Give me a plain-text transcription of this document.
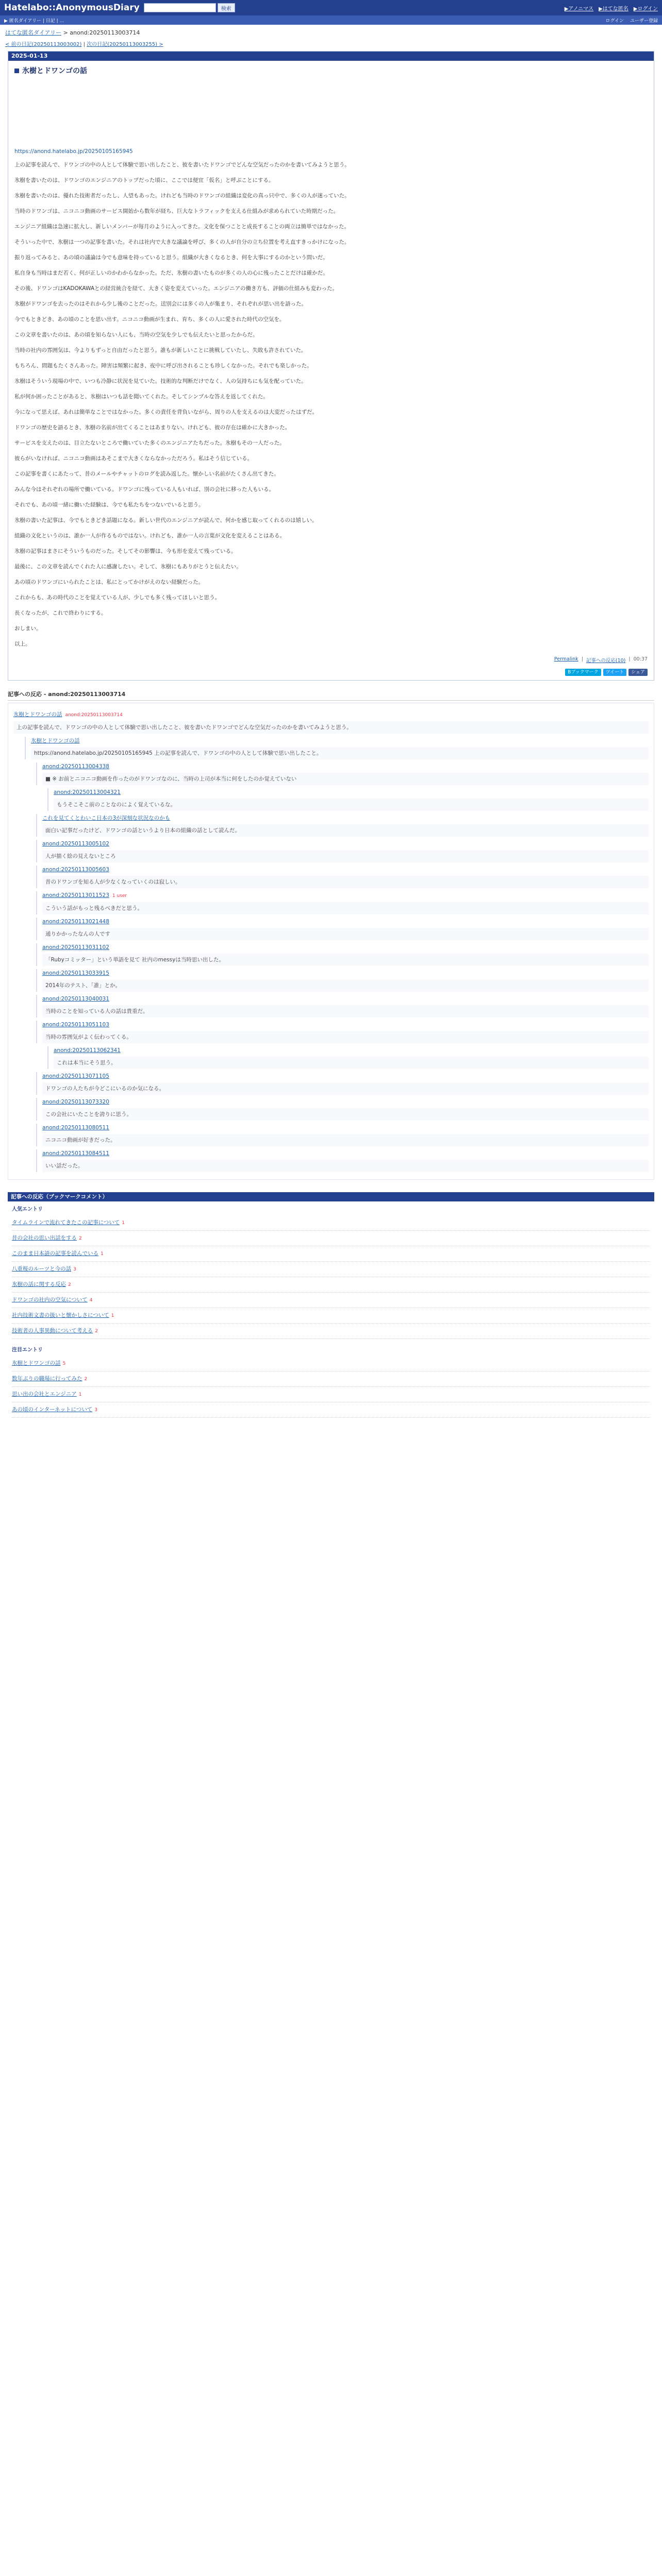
Hatelabo::AnonymousDiary	検索	▶アノニマス ▶はてな匿名 ▶ログイン
▶ 匿名ダイアリー | 日記 | …	ログイン ユーザー登録
はてな匿名ダイアリー > anond:20250113003714
< 前の日記(20250113003002) | 次の日記(20250113003255) >
2025-01-13
氷樹とドワンゴの話
https://anond.hatelabo.jp/20250105165945

上の記事を読んで、ドワンゴの中の人として体験で思い出したこと、彼を書いたドワンゴでどんな空気だったのかを書いてみようと思う。

氷樹を書いたのは、ドワンゴのエンジニアのトップだった頃に、ここでは便宜「仮名」と呼ぶことにする。

氷樹を書いたのは、優れた技術者だったし、人望もあった。けれども当時のドワンゴの組織は変化の真っ只中で、多くの人が迷っていた。

当時のドワンゴは、ニコニコ動画のサービス開始から数年が経ち、巨大なトラフィックを支える仕組みが求められていた時期だった。

エンジニア組織は急速に拡大し、新しいメンバーが毎月のように入ってきた。文化を保つことと成長することの両立は簡単ではなかった。

そういった中で、氷樹は一つの記事を書いた。それは社内で大きな議論を呼び、多くの人が自分の立ち位置を考え直すきっかけになった。

振り返ってみると、あの頃の議論は今でも意味を持っていると思う。組織が大きくなるとき、何を大事にするのかという問いだ。

私自身も当時はまだ若く、何が正しいのかわからなかった。ただ、氷樹の書いたものが多くの人の心に残ったことだけは確かだ。

その後、ドワンゴはKADOKAWAとの経営統合を経て、大きく姿を変えていった。エンジニアの働き方も、評価の仕組みも変わった。

氷樹がドワンゴを去ったのはそれから少し後のことだった。送別会には多くの人が集まり、それぞれが思い出を語った。

今でもときどき、あの頃のことを思い出す。ニコニコ動画が生まれ、育ち、多くの人に愛された時代の空気を。

この文章を書いたのは、あの頃を知らない人にも、当時の空気を少しでも伝えたいと思ったからだ。

当時の社内の雰囲気は、今よりもずっと自由だったと思う。誰もが新しいことに挑戦していたし、失敗も許されていた。

もちろん、問題もたくさんあった。障害は頻繁に起き、夜中に呼び出されることも珍しくなかった。それでも楽しかった。

氷樹はそういう現場の中で、いつも冷静に状況を見ていた。技術的な判断だけでなく、人の気持ちにも気を配っていた。

私が何か困ったことがあると、氷樹はいつも話を聞いてくれた。そしてシンプルな答えを返してくれた。

今になって思えば、あれは簡単なことではなかった。多くの責任を背負いながら、周りの人を支えるのは大変だったはずだ。

ドワンゴの歴史を語るとき、氷樹の名前が出てくることはあまりない。けれども、彼の存在は確かに大きかった。

サービスを支えたのは、目立たないところで働いていた多くのエンジニアたちだった。氷樹もその一人だった。

彼らがいなければ、ニコニコ動画はあそこまで大きくならなかっただろう。私はそう信じている。

この記事を書くにあたって、昔のメールやチャットのログを読み返した。懐かしい名前がたくさん出てきた。

みんな今はそれぞれの場所で働いている。ドワンゴに残っている人もいれば、別の会社に移った人もいる。

それでも、あの頃一緒に働いた経験は、今でも私たちをつないでいると思う。

氷樹の書いた記事は、今でもときどき話題になる。新しい世代のエンジニアが読んで、何かを感じ取ってくれるのは嬉しい。

組織の文化というのは、誰か一人が作るものではない。けれども、誰か一人の言葉が文化を変えることはある。

氷樹の記事はまさにそういうものだった。そしてその影響は、今も形を変えて残っている。

最後に、この文章を読んでくれた人に感謝したい。そして、氷樹にもありがとうと伝えたい。

あの頃のドワンゴにいられたことは、私にとってかけがえのない経験だった。

これからも、あの時代のことを覚えている人が、少しでも多く残ってほしいと思う。

長くなったが、これで終わりにする。

おしまい。

以上。

Permalink | 記事への反応(10) | 00:37
Bブックマーク	ツイート	シェア
記事への反応 - anond:20250113003714
氷樹とドワンゴの話 anond:20250113003714
上の記事を読んで、ドワンゴの中の人として体験で思い出したこと、彼を書いたドワンゴでどんな空気だったのかを書いてみようと思う。
氷樹とドワンゴの話
https://anond.hatelabo.jp/20250105165945 上の記事を読んで、ドワンゴの中の人として体験で思い出したこと。
anond:20250113004338
■ ※ お前とニコニコ動画を作ったのがドワンゴなのに、当時の上司が本当に何をしたのか覚えていない
anond:20250113004321
もうそこそこ前のことなのによく覚えているな。
これを見てくとわいこ日本の3が深刻な状況なのかも
面白い記事だったけど、ドワンゴの話というより日本の組織の話として読んだ。
anond:20250113005102
人が描く絵の見えないところ
anond:20250113005603
昔のドワンゴを知る人が少なくなっていくのは寂しい。
anond:20250113011523 1 user
こういう話がもっと残るべきだと思う。
anond:20250113021448
通りかかったなんの人です
anond:20250113031102
「Rubyコミッター」という単語を見て 社内のmessyは当時思い出した。
anond:20250113033915
2014年のテスト、「誰」とか。
anond:20250113040031
当時のことを知っている人の話は貴重だ。
anond:20250113051103
当時の雰囲気がよく伝わってくる。
anond:20250113062341
これは本当にそう思う。
anond:20250113071105
ドワンゴの人たちが今どこにいるのか気になる。
anond:20250113073320
この会社にいたことを誇りに思う。
anond:20250113080511
ニコニコ動画が好きだった。
anond:20250113084511
いい話だった。
記事への反応（ブックマークコメント）
人気エントリ
タイムラインで流れてきたこの記事について 1
昔の会社の思い出話をする 2
このまま日本語の記事を読んでいる 1
八重桜のルーツと今の話 3
氷樹の話に関する反応 2
ドワンゴの社内の空気について 4
社内技術文書の扱いと懐かしさについて 1
技術者の人事異動について考える 2
注目エントリ
氷樹とドワンゴの話 5
数年ぶりの職場に行ってみた 2
思い出の会社とエンジニア 1
あの頃のインターネットについて 3
